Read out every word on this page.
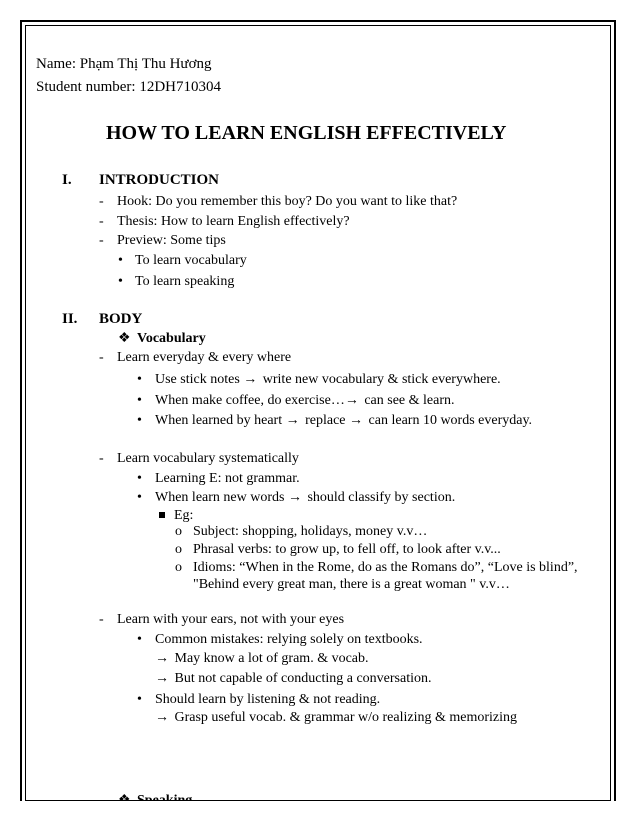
Name: Phạm Thị Thu Hương
Student number: 12DH710304
HOW TO LEARN ENGLISH EFFECTIVELY
I. INTRODUCTION
- Hook: Do you remember this boy? Do you want to like that?
- Thesis: How to learn English effectively?
- Preview: Some tips
• To learn vocabulary
• To learn speaking
II. BODY
❖ Vocabulary
- Learn everyday & every where
• Use stick notes → write new vocabulary & stick everywhere.
• When make coffee, do exercise…→ can see & learn.
• When learned by heart → replace → can learn 10 words everyday.
- Learn vocabulary systematically
• Learning E: not grammar.
• When learn new words → should classify by section.
Eg:
o Subject: shopping, holidays, money v.v…
o Phrasal verbs: to grow up, to fell off, to look after v.v...
o Idioms: “When in the Rome, do as the Romans do”, “Love is blind”,
"Behind every great man, there is a great woman " v.v…
- Learn with your ears, not with your eyes
• Common mistakes: relying solely on textbooks.
→ May know a lot of gram. & vocab.
→ But not capable of conducting a conversation.
• Should learn by listening & not reading.
→ Grasp useful vocab. & grammar w/o realizing & memorizing
